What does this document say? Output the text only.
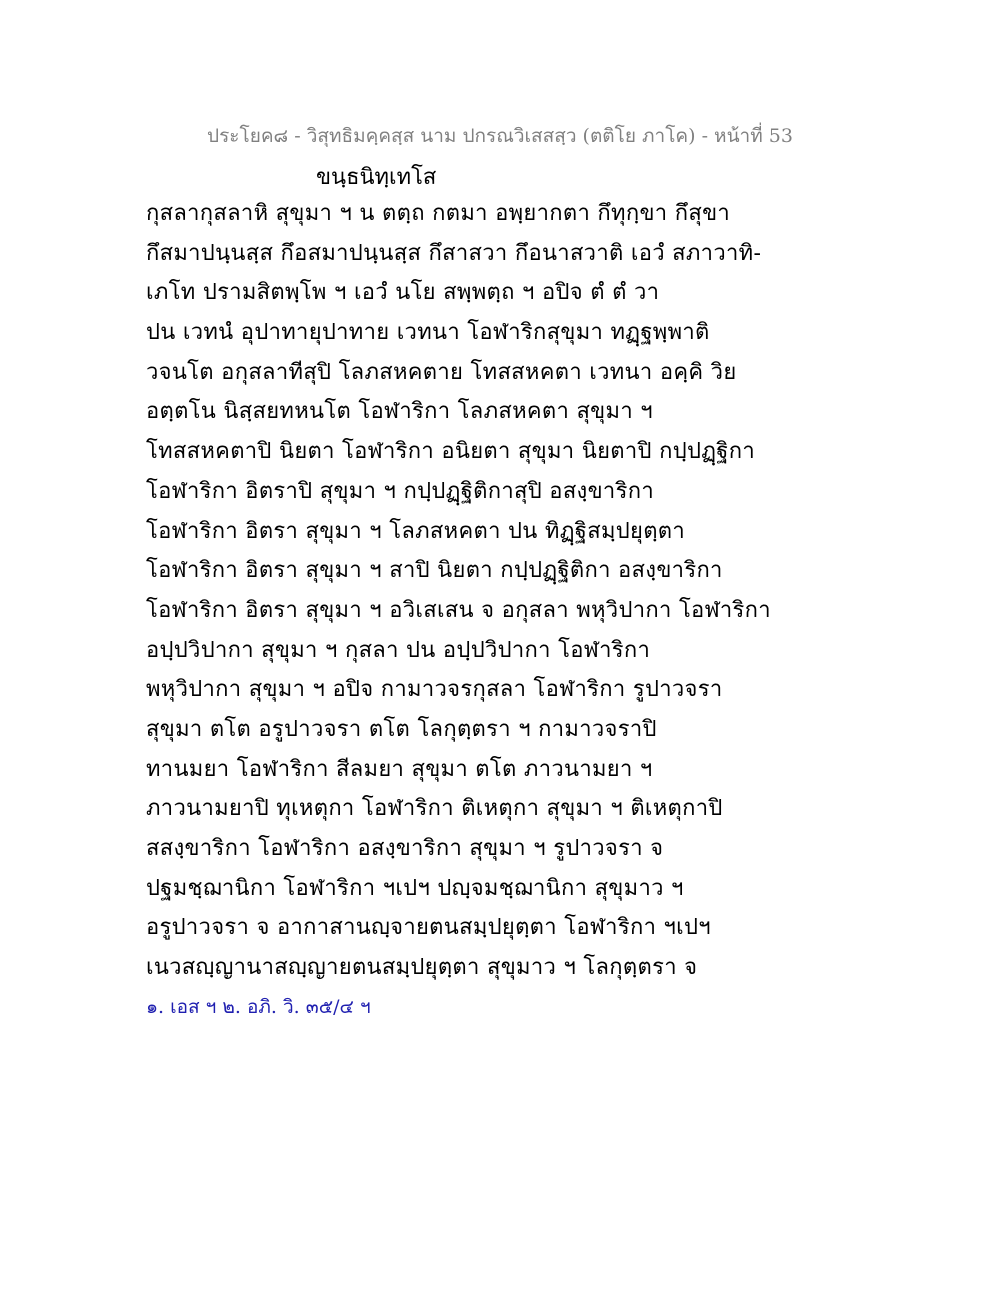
ประโยค๘ - วิสุทธิมคฺคสฺส นาม ปกรณวิเสสสฺว (ตติโย ภาโค) - หน้าที่ 53
ขนฺธนิทฺเทโส
กุสลากุสลาหิ สุขุมา ฯ น ตตฺถ กตมา อพฺยากตา กึทุกฺขา กึสุขา
กึสมาปนฺนสฺส กึอสมาปนฺนสฺส กึสาสวา กึอนาสวาติ เอวํ สภาวาทิ-
เภโท ปรามสิตพฺโพ ฯ เอวํ นโย สพฺพตฺถ ฯ อปิจ ตํ ตํ วา
ปน เวทนํ อุปาทายุปาทาย เวทนา โอฬาริกสุขุมา ทฏฺฐพฺพาติ
วจนโต อกุสลาทีสุปิ โลภสหคตาย โทสสหคตา เวทนา อคฺคิ วิย
อตฺตโน นิสฺสยทหนโต โอฬาริกา โลภสหคตา สุขุมา ฯ
โทสสหคตาปิ นิยตา โอฬาริกา อนิยตา สุขุมา นิยตาปิ กปฺปฏฺฐิกา
โอฬาริกา อิตราปิ สุขุมา ฯ กปฺปฏฺฐิติกาสุปิ อสงฺขาริกา
โอฬาริกา อิตรา สุขุมา ฯ โลภสหคตา ปน ทิฏฺฐิสมฺปยุตฺตา
โอฬาริกา อิตรา สุขุมา ฯ สาปิ นิยตา กปฺปฏฺฐิติกา อสงฺขาริกา
โอฬาริกา อิตรา สุขุมา ฯ อวิเสเสน จ อกุสลา พหุวิปากา โอฬาริกา
อปฺปวิปากา สุขุมา ฯ กุสลา ปน อปฺปวิปากา โอฬาริกา
พหุวิปากา สุขุมา ฯ อปิจ กามาวจรกุสลา โอฬาริกา รูปาวจรา
สุขุมา ตโต อรูปาวจรา ตโต โลกุตฺตรา ฯ กามาวจราปิ
ทานมยา โอฬาริกา สีลมยา สุขุมา ตโต ภาวนามยา ฯ
ภาวนามยาปิ ทุเหตุกา โอฬาริกา ติเหตุกา สุขุมา ฯ ติเหตุกาปิ
สสงฺขาริกา โอฬาริกา อสงฺขาริกา สุขุมา ฯ รูปาวจรา จ
ปฐมชฺฌานิกา โอฬาริกา ฯเปฯ ปญฺจมชฺฌานิกา สุขุมาว ฯ
อรูปาวจรา จ อากาสานญฺจายตนสมฺปยุตฺตา โอฬาริกา ฯเปฯ
เนวสญฺญานาสญฺญายตนสมฺปยุตฺตา สุขุมาว ฯ โลกุตฺตรา จ
๑. เอส ฯ ๒. อภิ. วิ. ๓๕/๔ ฯ
